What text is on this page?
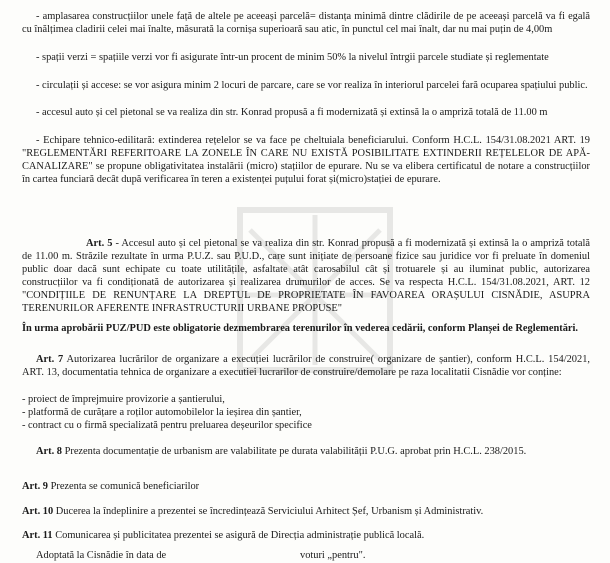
- amplasarea construcțiilor unele față de altele pe aceeași parcelă= distanța minimă dintre clădirile de pe aceeași parcelă va fi egală cu înălțimea cladirii celei mai înalte, măsurată la cornișa superioară sau atic, în punctul cel mai înalt, dar nu mai puțin de 4,00m

- spații verzi = spațiile verzi vor fi asigurate într-un procent de minim 50% la nivelul întrgii parcele studiate și reglementate

- circulații și accese: se vor asigura minim 2 locuri de parcare, care se vor realiza în interiorul parcelei fară ocuparea spațiului public.

- accesul auto și cel pietonal se va realiza din str. Konrad propusă a fi modernizată și extinsă la o ampriză totală de 11.00 m

- Echipare tehnico-edilitară: extinderea rețelelor se va face pe cheltuiala beneficiarului. Conform H.C.L. 154/31.08.2021 ART. 19 "REGLEMENTĂRI REFERITOARE LA ZONELE ÎN CARE NU EXISTĂ POSIBILITATE EXTINDERII REȚELELOR DE APĂ-CANALIZARE" se propune obligativitatea instalării (micro) stațiilor de epurare. Nu se va elibera certificatul de notare a construcțiilor în cartea funciară decât după verificarea în teren a existenței puțului forat și(micro)stației de epurare.

Art. 5 - Accesul auto și cel pietonal se va realiza din str. Konrad propusă a fi modernizată și extinsă la o ampriză totală de 11.00 m. Străzile rezultate în urma P.U.Z. sau P.U.D., care sunt inițiate de persoane fizice sau juridice vor fi preluate în domeniul public doar dacă sunt echipate cu toate utilitățile, asfaltate atât carosabilul cât și trotuarele și au iluminat public, autorizarea construcțiilor va fi condiționată de autorizarea și realizarea drumurilor de acces. Se va respecta H.C.L. 154/31.08.2021, ART. 12 "CONDIȚIILE DE RENUNȚARE LA DREPTUL DE PROPRIETATE ÎN FAVOAREA ORAȘULUI CISNĂDIE, ASUPRA TERENURILOR AFERENTE INFRASTRUCTURII URBANE PROPUSE"

În urma aprobării PUZ/PUD este obligatorie dezmembrarea terenurilor în vederea cedării, conform Planșei de Reglementări.

Art. 7 Autorizarea lucrărilor de organizare a execuției lucrărilor de construire( organizare de șantier), conform H.C.L. 154/2021, ART. 13, documentatia tehnica de organizare a executiei lucrarilor de construire/demolare pe raza localitatii Cisnădie vor conține:

- proiect de împrejmuire provizorie a șantierului,

- platformă de curățare a roților automobilelor la ieșirea din șantier,

- contract cu o firmă specializată pentru preluarea deșeurilor specifice

Art. 8 Prezenta documentație de urbanism are valabilitate pe durata valabilității P.U.G. aprobat prin H.C.L. 238/2015.

Art. 9 Prezenta se comunică beneficiarilor

Art. 10 Ducerea la îndeplinire a prezentei se încredințează Serviciului Arhitect Șef, Urbanism și Administrativ.

Art. 11 Comunicarea și publicitatea prezentei se asigură de Direcția administrație publică locală.

Adoptată la Cisnădie în data de	voturi „pentru".
